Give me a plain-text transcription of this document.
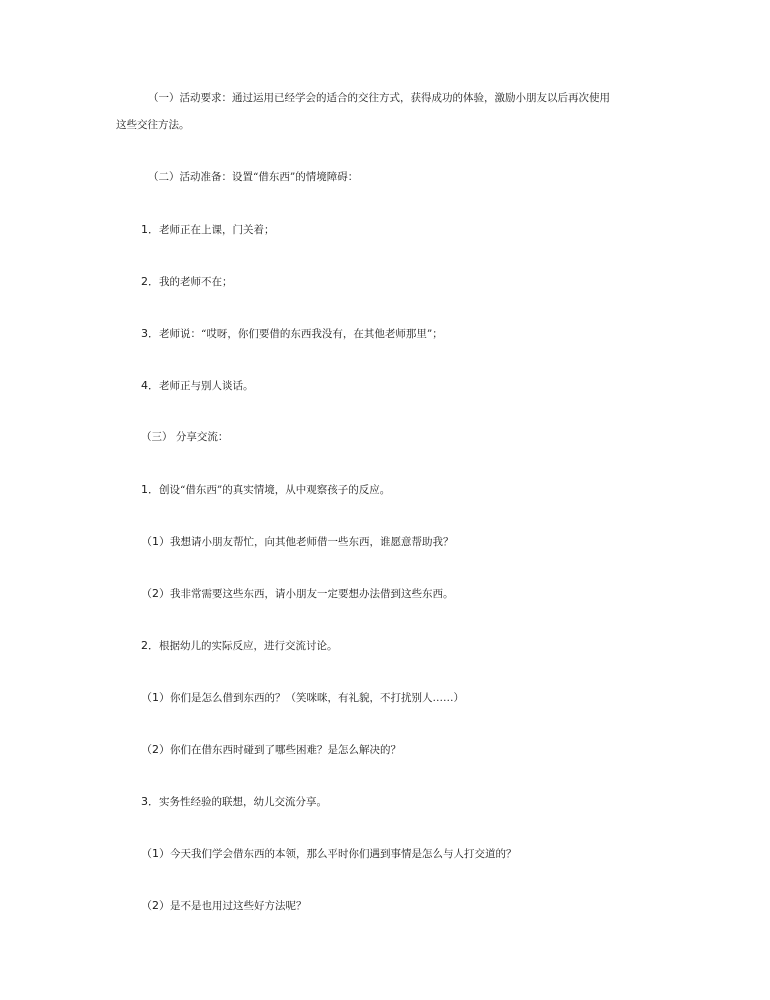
（一）活动要求：通过运用已经学会的适合的交往方式，获得成功的体验，激励小朋友以后再次使用

这些交往方法。

（二）活动准备：设置“借东西”的情境障碍：

1．老师正在上课，门关着；

2．我的老师不在；

3．老师说：“哎呀，你们要借的东西我没有，在其他老师那里”；

4．老师正与别人谈话。

（三） 分享交流：

1．创设“借东西”的真实情境，从中观察孩子的反应。

（1）我想请小朋友帮忙，向其他老师借一些东西，谁愿意帮助我？

（2）我非常需要这些东西，请小朋友一定要想办法借到这些东西。

2．根据幼儿的实际反应，进行交流讨论。

（1）你们是怎么借到东西的？（笑咪咪，有礼貌，不打扰别人……）

（2）你们在借东西时碰到了哪些困难？是怎么解决的？

3．实务性经验的联想，幼儿交流分享。

（1）今天我们学会借东西的本领，那么平时你们遇到事情是怎么与人打交道的？

（2）是不是也用过这些好方法呢？
